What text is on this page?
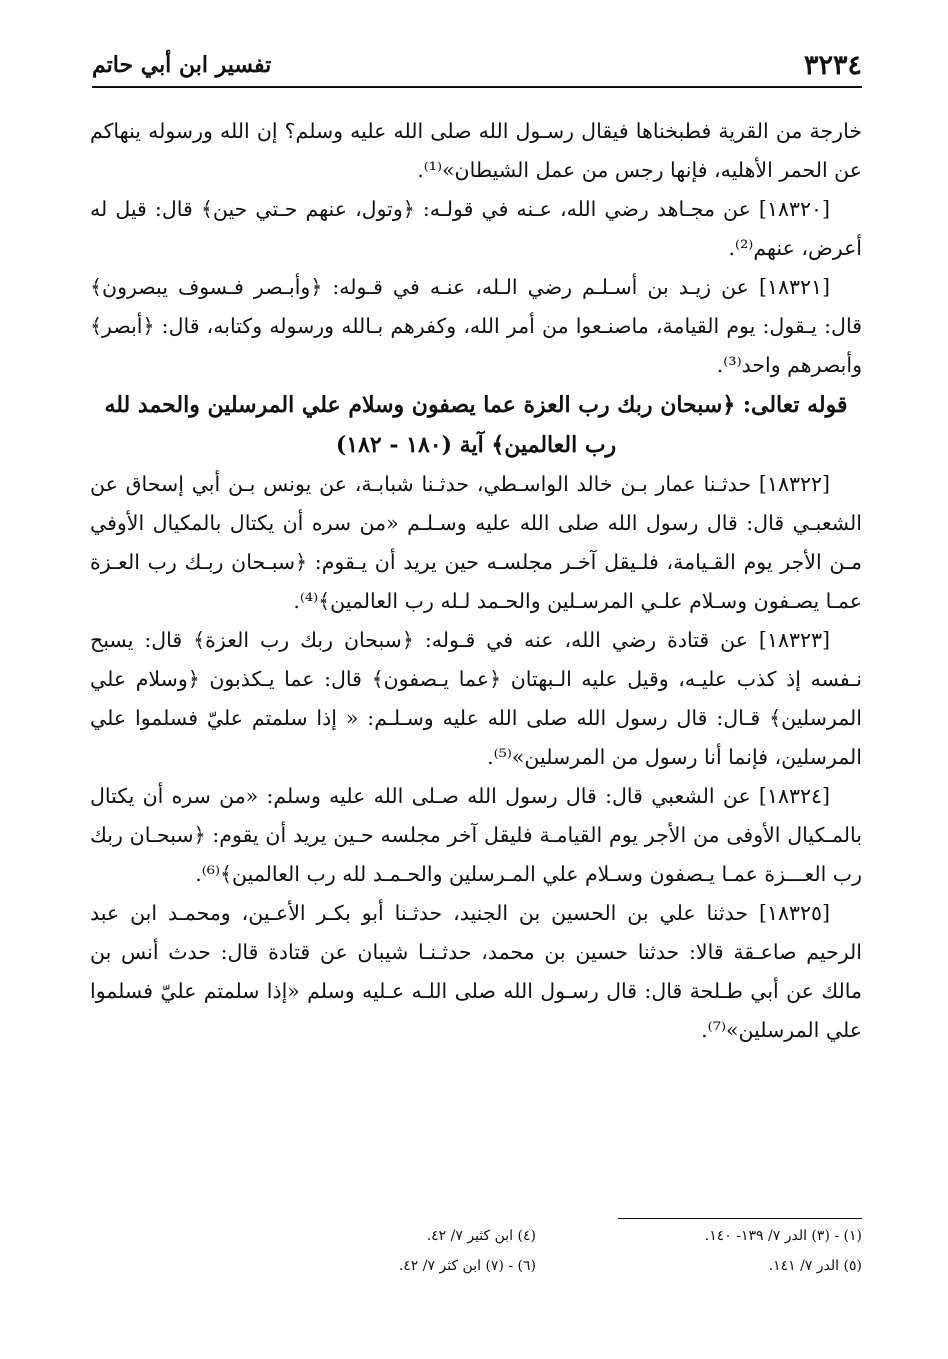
٣٢٣٤
تفسير ابن أبي حاتم

خارجة من القرية فطبخناها فيقال رسـول الله صلى الله عليه وسلم؟ إن الله ورسوله ينهاكم عن الحمر الأهليه، فإنها رجس من عمل الشيطان»⁽¹⁾.

[١٨٣٢٠] عن مجـاهد رضي الله، عـنه في قولـه: ﴿وتول، عنهم حـتي حين﴾ قال: قيل له أعرض، عنهم⁽²⁾.

[١٨٣٢١] عن زيـد بن أسـلـم رضي الـله، عنـه في قـوله: ﴿وأبـصر فـسوف يبصرون﴾ قال: يـقول: يوم القيامة، ماصنـعوا من أمر الله، وكفرهم بـالله ورسوله وكتابه، قال: ﴿أبصر﴾ وأبصرهم واحد⁽³⁾.

قوله تعالى: ﴿سبحان ربك رب العزة عما يصفون وسلام علي المرسلين والحمد لله رب العالمين﴾ آية (١٨٠ - ١٨٢)

[١٨٣٢٢] حدثـنا عمار بـن خالد الواسـطي، حدثـنا شبابـة، عن يونس بـن أبي إسحاق عن الشعبـي قال: قال رسول الله صلى الله عليه وسـلـم «من سره أن يكتال بالمكيال الأوفي مـن الأجر يوم القـيامة، فلـيقل آخـر مجلسـه حين يريد أن يـقوم: ﴿سبـحان ربـك رب العـزة عمـا يصـفون وسـلام علـي المرسـلين والحـمد لـله رب العالمين﴾⁽⁴⁾.

[١٨٣٢٣] عن قتادة رضي الله، عنه في قـوله: ﴿سبحان ربك رب العزة﴾ قال: يسبح نـفسه إذ كذب عليـه، وقيل عليه الـبهتان ﴿عما يـصفون﴾ قال: عما يـكذبون ﴿وسلام علي المرسلين﴾ قـال: قال رسول الله صلى الله عليه وسـلـم: « إذا سلمتم عليّ فسلموا علي المرسلين، فإنما أنا رسول من المرسلين»⁽⁵⁾.

[١٨٣٢٤] عن الشعبي قال: قال رسول الله صـلى الله عليه وسلم: «من سره أن يكتال بالمـكيال الأوفى من الأجر يوم القيامـة فليقل آخر مجلسه حـين يريد أن يقوم: ﴿سبحـان ربك رب العـــزة عمـا يـصفون وسـلام علي المـرسلين والحـمـد لله رب العالمين﴾⁽⁶⁾.

[١٨٣٢٥] حدثنا علي بن الحسين بن الجنيد، حدثـنا أبو بكـر الأعـين، ومحمـد ابن عبد الرحيم صاعـقة قالا: حدثنا حسين بن محمد، حدثـنـا شيبان عن قتادة قال: حدث أنس بن مالك عن أبي طـلحة قال: قال رسـول الله صلى اللـه عـليه وسلم «إذا سلمتم عليّ فسلموا علي المرسلين»⁽⁷⁾.

(١) - (٣) الدر ٧/ ١٣٩- ١٤٠.
(٤) ابن كثير ٧/ ٤٢.
(٥) الدر ٧/ ١٤١.
(٦) - (٧) ابن كثر ٧/ ٤٢.
